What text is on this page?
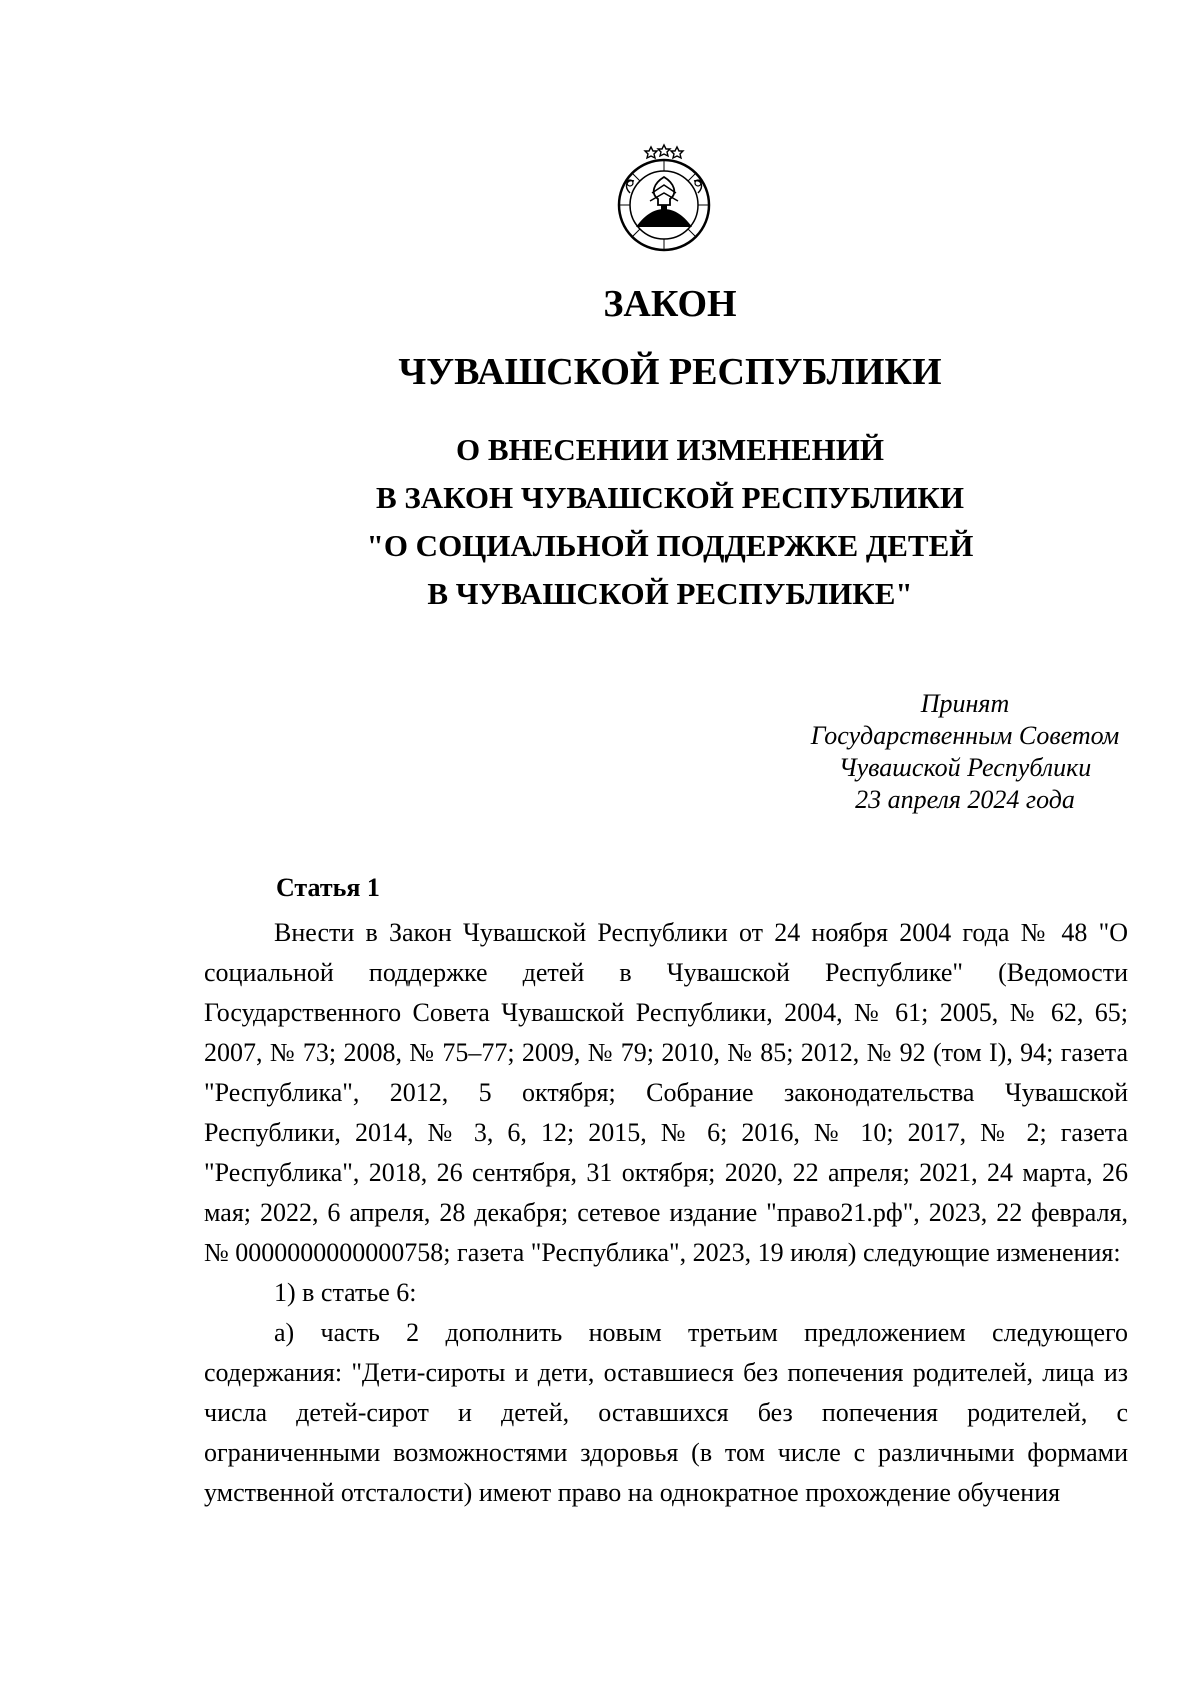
ЗАКОН
ЧУВАШСКОЙ РЕСПУБЛИКИ
О ВНЕСЕНИИ ИЗМЕНЕНИЙ
В ЗАКОН ЧУВАШСКОЙ РЕСПУБЛИКИ
"О СОЦИАЛЬНОЙ ПОДДЕРЖКЕ ДЕТЕЙ
В ЧУВАШСКОЙ РЕСПУБЛИКЕ"
Принят
Государственным Советом
Чувашской Республики
23 апреля 2024 года
Статья 1

Внести в Закон Чувашской Республики от 24 ноября 2004 года № 48 "О социальной поддержке детей в Чувашской Республике" (Ведомости Государственного Совета Чувашской Республики, 2004, № 61; 2005, № 62, 65; 2007, № 73; 2008, № 75–77; 2009, № 79; 2010, № 85; 2012, № 92 (том I), 94; газета "Республика", 2012, 5 октября; Собрание законодательства Чувашской Республики, 2014, № 3, 6, 12; 2015, № 6; 2016, № 10; 2017, № 2; газета "Республика", 2018, 26 сентября, 31 октября; 2020, 22 апреля; 2021, 24 марта, 26 мая; 2022, 6 апреля, 28 декабря; сетевое издание "право21.рф", 2023, 22 февраля, № 0000000000000758; газета "Республика", 2023, 19 июля) следующие изменения:

1) в статье 6:

а) часть 2 дополнить новым третьим предложением следующего содержания: "Дети-сироты и дети, оставшиеся без попечения родителей, лица из числа детей-сирот и детей, оставшихся без попечения родителей, с ограниченными возможностями здоровья (в том числе с различными формами умственной отсталости) имеют право на однократное прохождение обучения
